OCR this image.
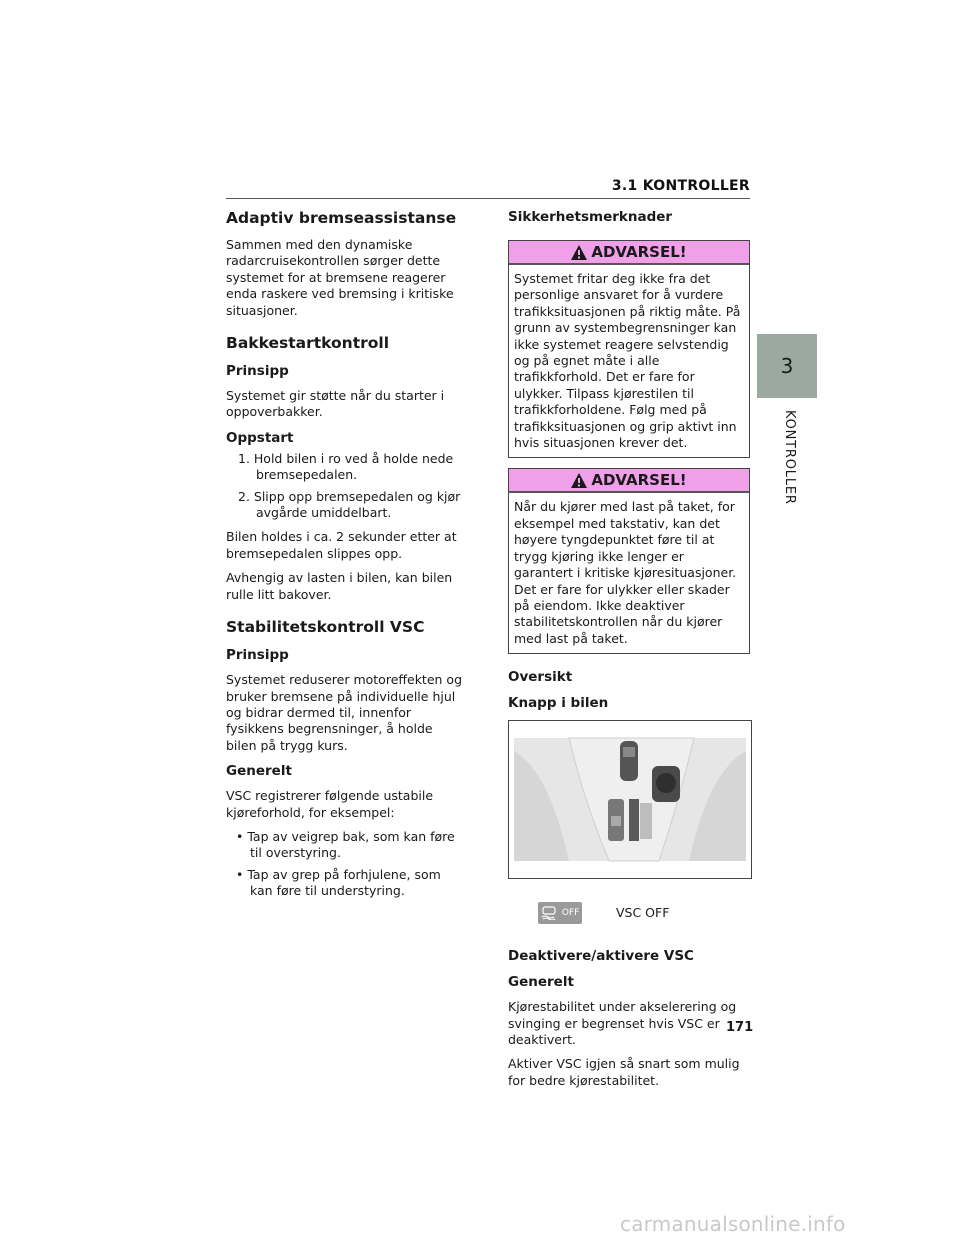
3.1 KONTROLLER
3
KONTROLLER
Adaptiv bremseassistanse

Sammen med den dynamiske radarcruisekontrollen sørger dette systemet for at bremsene reagerer enda raskere ved bremsing i kritiske situasjoner.

Bakkestartkontroll
Prinsipp

Systemet gir støtte når du starter i oppoverbakker.

Oppstart
1. Hold bilen i ro ved å holde nede bremsepedalen.
2. Slipp opp bremsepedalen og kjør avgårde umiddelbart.

Bilen holdes i ca. 2 sekunder etter at bremsepedalen slippes opp.

Avhengig av lasten i bilen, kan bilen rulle litt bakover.

Stabilitetskontroll VSC
Prinsipp

Systemet reduserer motoreffekten og bruker bremsene på individuelle hjul og bidrar dermed til, innenfor fysikkens begrensninger, å holde bilen på trygg kurs.

Generelt

VSC registrerer følgende ustabile kjøreforhold, for eksempel:

• Tap av veigrep bak, som kan føre til overstyring.
• Tap av grep på forhjulene, som kan føre til understyring.
Sikkerhetsmerknader
ADVARSEL!
Systemet fritar deg ikke fra det personlige ansvaret for å vurdere trafikksituasjonen på riktig måte. På grunn av systembegrensninger kan ikke systemet reagere selvstendig og på egnet måte i alle trafikkforhold. Det er fare for ulykker. Tilpass kjørestilen til trafikkforholdene. Følg med på trafikksituasjonen og grip aktivt inn hvis situasjonen krever det.
ADVARSEL!
Når du kjører med last på taket, for eksempel med takstativ, kan det høyere tyngdepunktet føre til at trygg kjøring ikke lenger er garantert i kritiske kjøresituasjoner. Det er fare for ulykker eller skader på eiendom. Ikke deaktiver stabilitetskontrollen når du kjører med last på taket.
Oversikt
Knapp i bilen
OFF	VSC OFF
Deaktivere/aktivere VSC
Generelt

Kjørestabilitet under akselerering og svinging er begrenset hvis VSC er deaktivert.

Aktiver VSC igjen så snart som mulig for bedre kjørestabilitet.

171
carmanualsonline.info
